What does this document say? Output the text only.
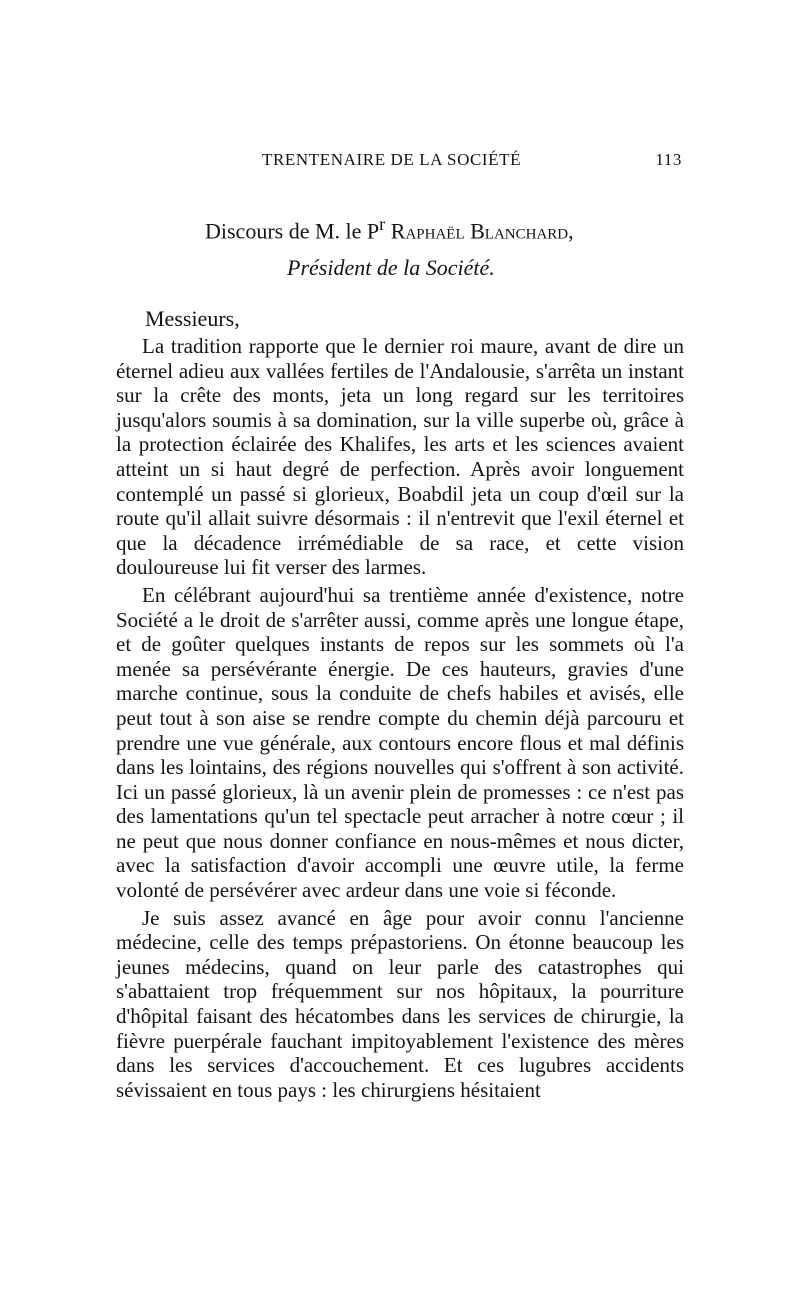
TRENTENAIRE DE LA SOCIÉTÉ	113
Discours de M. le $P^r$ Raphaël Blanchard,
Président de la Société.
Messieurs,

La tradition rapporte que le dernier roi maure, avant de dire un éternel adieu aux vallées fertiles de l'Andalousie, s'arrêta un instant sur la crête des monts, jeta un long regard sur les territoires jusqu'alors soumis à sa domination, sur la ville superbe où, grâce à la protection éclairée des Khalifes, les arts et les sciences avaient atteint un si haut degré de perfection. Après avoir longuement contemplé un passé si glorieux, Boabdil jeta un coup d'œil sur la route qu'il allait suivre désormais : il n'entrevit que l'exil éternel et que la décadence irrémédiable de sa race, et cette vision douloureuse lui fit verser des larmes.

En célébrant aujourd'hui sa trentième année d'existence, notre Société a le droit de s'arrêter aussi, comme après une longue étape, et de goûter quelques instants de repos sur les sommets où l'a menée sa persévérante énergie. De ces hauteurs, gravies d'une marche continue, sous la conduite de chefs habiles et avisés, elle peut tout à son aise se rendre compte du chemin déjà parcouru et prendre une vue générale, aux contours encore flous et mal définis dans les lointains, des régions nouvelles qui s'offrent à son activité. Ici un passé glorieux, là un avenir plein de promesses : ce n'est pas des lamentations qu'un tel spectacle peut arracher à notre cœur ; il ne peut que nous donner confiance en nous-mêmes et nous dicter, avec la satisfaction d'avoir accompli une œuvre utile, la ferme volonté de persévérer avec ardeur dans une voie si féconde.

Je suis assez avancé en âge pour avoir connu l'ancienne médecine, celle des temps prépastoriens. On étonne beaucoup les jeunes médecins, quand on leur parle des catastrophes qui s'abattaient trop fréquemment sur nos hôpitaux, la pourriture d'hôpital faisant des hécatombes dans les services de chirurgie, la fièvre puerpérale fauchant impitoyablement l'existence des mères dans les services d'accouchement. Et ces lugubres accidents sévissaient en tous pays : les chirurgiens hésitaient
